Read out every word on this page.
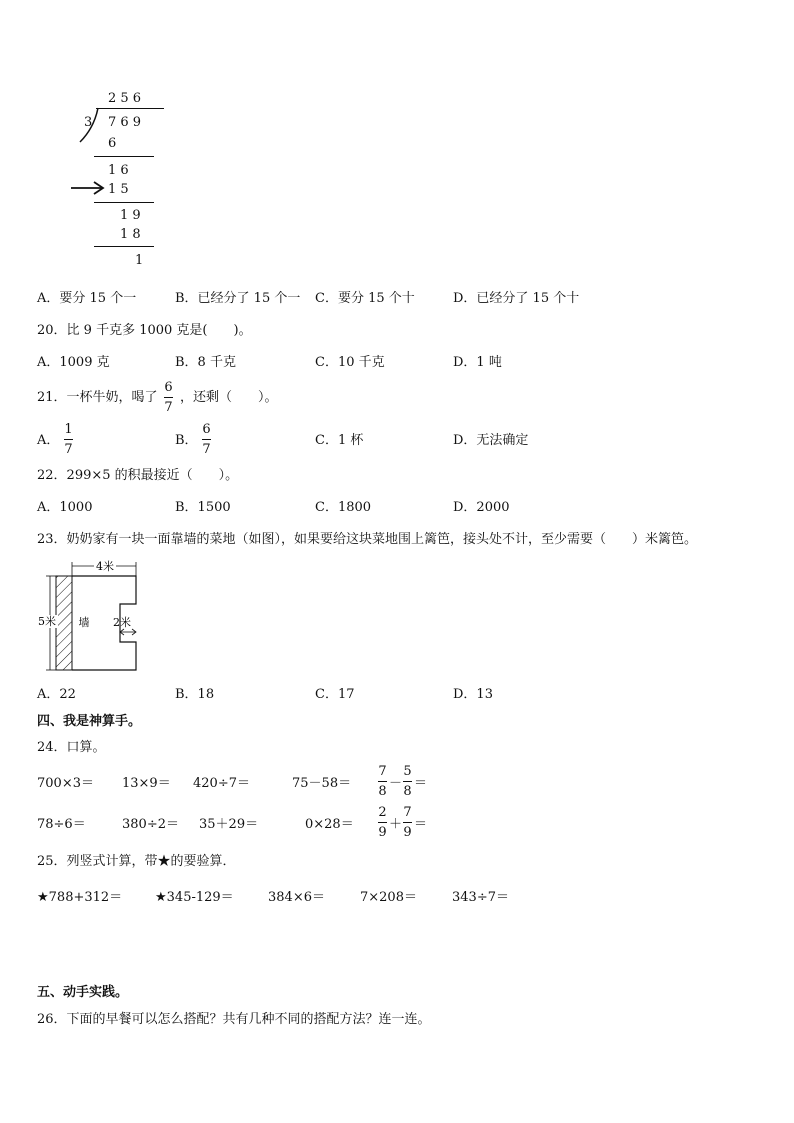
2 5 6
3 7 6 9
6
1 6
1 5
1 9
1 8
1
A．要分 15 个一	B．已经分了 15 个一 C．要分 15 个十	D．已经分了 15 个十
20．比 9 千克多 1000 克是(　　)。
A．1009 克	B．8 千克	C．10 千克	D．1 吨
21．一杯牛奶，喝了
6
7
，还剩（　　）。
A．
1
7
B．
6
7
C．1 杯	D．无法确定
22．299×5 的积最接近（　　）。
A．1000	B．1500	C．1800	D．2000
23．奶奶家有一块一面靠墙的菜地（如图），如果要给这块菜地围上篱笆，接头处不计，至少需要（　　）米篱笆。
4米
5米 墙 2米
A．22	B．18	C．17	D．13
四、我是神算手。
24．口算。
700×3＝ 13×9＝ 420÷7＝	75－58＝
7
8
－
5
8
＝
78÷6＝	380÷2＝ 35＋29＝	0×28＝
2
9
＋
7
9
＝
25．列竖式计算，带★的要验算．
★788+312＝	★345-129＝	384×6＝	7×208＝	343÷7＝
五、动手实践。
26．下面的早餐可以怎么搭配？共有几种不同的搭配方法？连一连。
